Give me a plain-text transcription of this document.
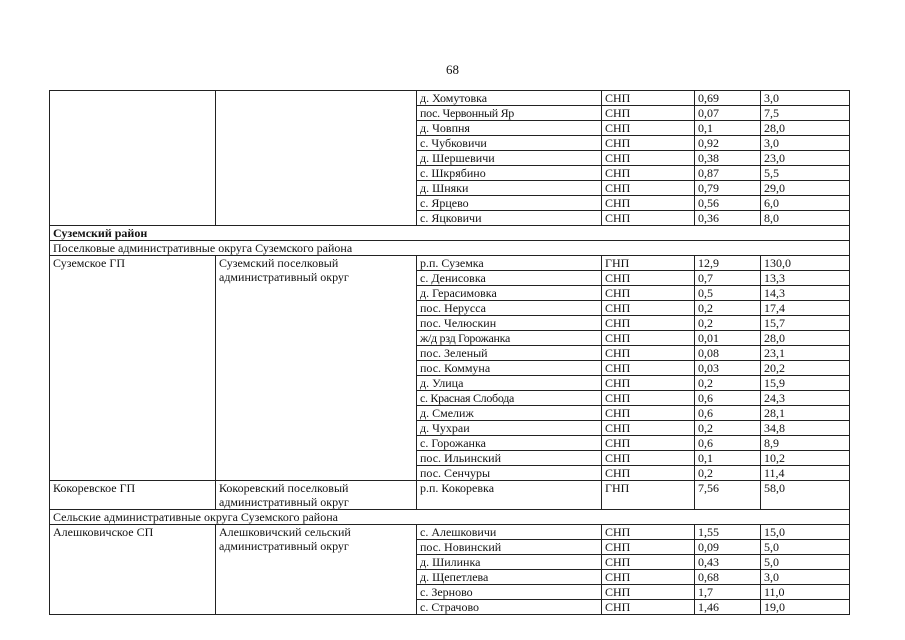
68
		д. Хомутовка	СНП	0,69	3,0
		пос. Червонный Яр	СНП	0,07	7,5
		д. Човпня	СНП	0,1	28,0
		с. Чубковичи	СНП	0,92	3,0
		д. Шершевичи	СНП	0,38	23,0
		с. Шкрябино	СНП	0,87	5,5
		д. Шняки	СНП	0,79	29,0
		с. Ярцево	СНП	0,56	6,0
		с. Яцковичи	СНП	0,36	8,0
Суземский район					
Поселковые административные округа Суземского района					
Суземское ГП	Суземский поселковый административный округ	р.п. Суземка	ГНП	12,9	130,0
		с. Денисовка	СНП	0,7	13,3
		д. Герасимовка	СНП	0,5	14,3
		пос. Нерусса	СНП	0,2	17,4
		пос. Челюскин	СНП	0,2	15,7
		ж/д рзд Горожанка	СНП	0,01	28,0
		пос. Зеленый	СНП	0,08	23,1
		пос. Коммуна	СНП	0,03	20,2
		д. Улица	СНП	0,2	15,9
		с. Красная Слобода	СНП	0,6	24,3
		д. Смелиж	СНП	0,6	28,1
		д. Чухраи	СНП	0,2	34,8
		с. Горожанка	СНП	0,6	8,9
		пос. Ильинский	СНП	0,1	10,2
		пос. Сенчуры	СНП	0,2	11,4
Кокоревское ГП	Кокоревский поселковый административный округ	р.п. Кокоревка	ГНП	7,56	58,0

Сельские административные округа Суземского района					
Алешковичское СП	Алешковичский сельский административный округ	с. Алешковичи	СНП	1,55	15,0
		пос. Новинский	СНП	0,09	5,0
		д. Шилинка	СНП	0,43	5,0
		д. Щепетлева	СНП	0,68	3,0
		с. Зерново	СНП	1,7	11,0
		с. Страчово	СНП	1,46	19,0
